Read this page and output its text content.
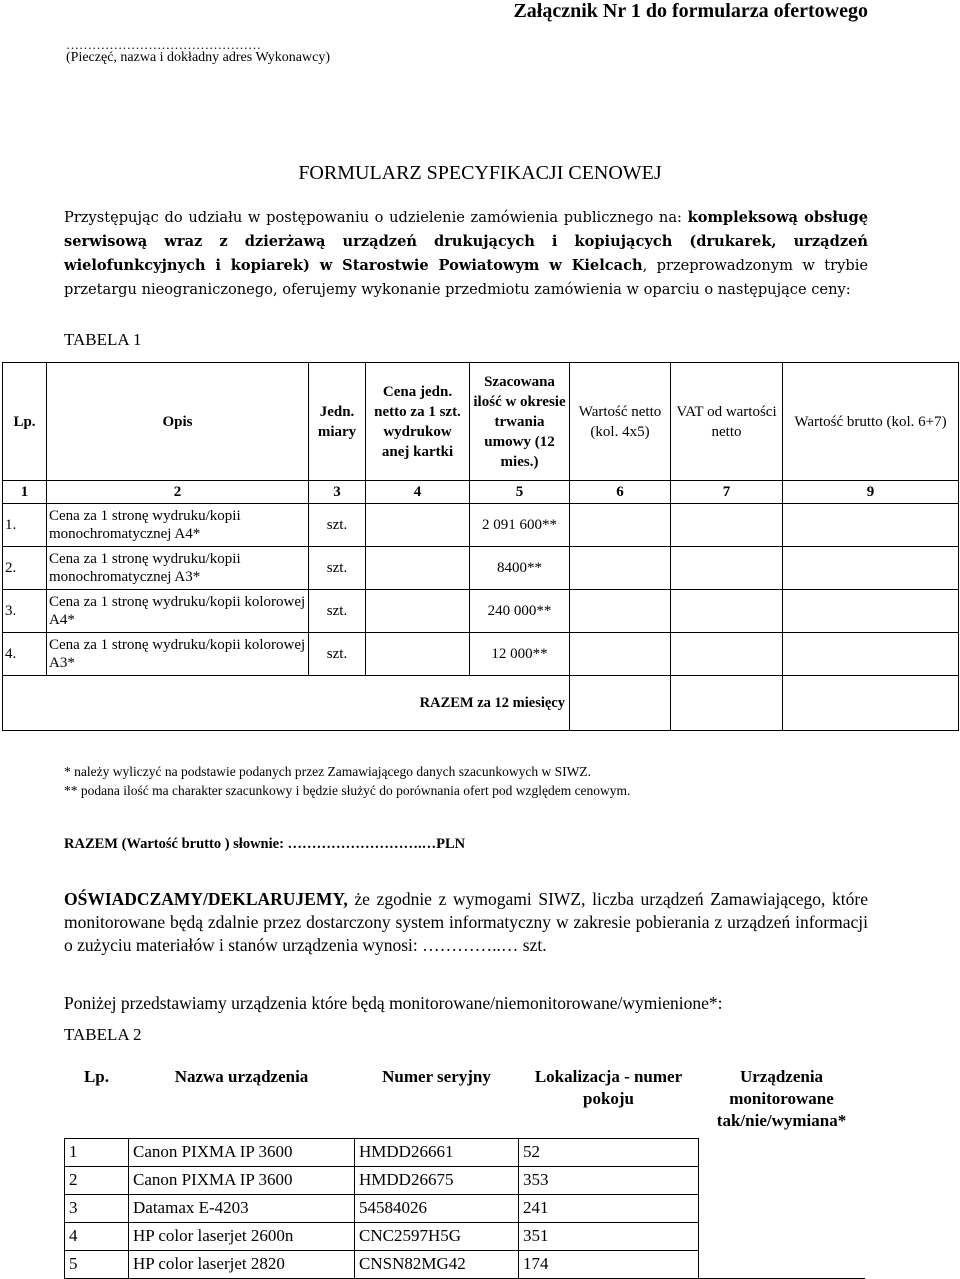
Załącznik Nr 1 do formularza ofertowego
………………………………………
(Pieczęć, nazwa i dokładny adres Wykonawcy)
FORMULARZ SPECYFIKACJI CENOWEJ
Przystępując do udziału w postępowaniu o udzielenie zamówienia publicznego na: kompleksową obsługę serwisową wraz z dzierżawą urządzeń drukujących i kopiujących (drukarek, urządzeń wielofunkcyjnych i kopiarek) w Starostwie Powiatowym w Kielcach, przeprowadzonym w trybie przetargu nieograniczonego, oferujemy wykonanie przedmiotu zamówienia w oparciu o następujące ceny:
TABELA 1
Lp.	Opis	Jedn. miary	Cena jedn. netto za 1 szt. wydrukow anej kartki	Szacowana ilość w okresie trwania umowy (12 mies.)	Wartość netto (kol. 4x5)	VAT od wartości netto	Wartość brutto (kol. 6+7)
1	2	3	4	5	6	7	9
1.	Cena za 1 stronę wydruku/kopii monochromatycznej A4*	szt.		2 091 600**			
2.	Cena za 1 stronę wydruku/kopii monochromatycznej A3*	szt.		8400**			
3.	Cena za 1 stronę wydruku/kopii kolorowej A4*	szt.		240 000**			
4.	Cena za 1 stronę wydruku/kopii kolorowej A3*	szt.		12 000**			
RAZEM za 12 miesięcy							
* należy wyliczyć na podstawie podanych przez Zamawiającego danych szacunkowych w SIWZ.
** podana ilość ma charakter szacunkowy i będzie służyć do porównania ofert pod względem cenowym.
RAZEM (Wartość brutto ) słownie: ……………………….…PLN
OŚWIADCZAMY/DEKLARUJEMY, że zgodnie z wymogami SIWZ, liczba urządzeń Zamawiającego, które monitorowane będą zdalnie przez dostarczony system informatyczny w zakresie pobierania z urządzeń informacji o zużyciu materiałów i stanów urządzenia wynosi: …………..… szt.
Poniżej przedstawiamy urządzenia które będą monitorowane/niemonitorowane/wymienione*:
TABELA 2
Lp.	Nazwa urządzenia	Numer seryjny	Lokalizacja - numer pokoju	Urządzenia monitorowane tak/nie/wymiana*
1	Canon PIXMA IP 3600	HMDD26661	52	
2	Canon PIXMA IP 3600	HMDD26675	353	
3	Datamax E-4203	54584026	241	
4	HP color laserjet 2600n	CNC2597H5G	351	
5	HP color laserjet 2820	CNSN82MG42	174	
